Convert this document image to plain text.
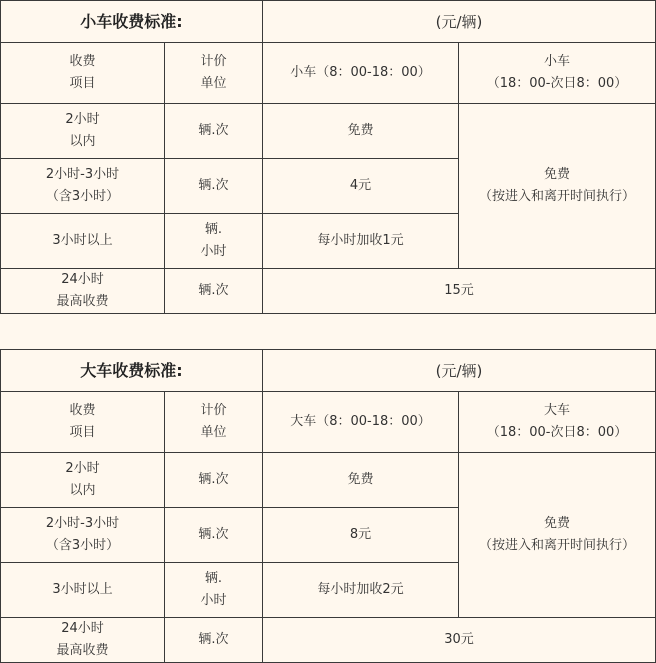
小车收费标准:		(元/辆)	

收费
项目	计价
单位	小车（8：00-18：00）	小车
（18：00-次日8：00）

2小时
以内	辆.次	免费	免费
（按进入和离开时间执行）

2小时-3小时
（含3小时）	辆.次	4元	
3小时以上	辆.
小时	每小时加收1元	

24小时
最高收费	辆.次	15元	
大车收费标准:		(元/辆)	

收费
项目	计价
单位	大车（8：00-18：00）	大车
（18：00-次日8：00）

2小时
以内	辆.次	免费	免费
（按进入和离开时间执行）

2小时-3小时
（含3小时）	辆.次	8元	
3小时以上	辆.
小时	每小时加收2元	

24小时
最高收费	辆.次	30元	
